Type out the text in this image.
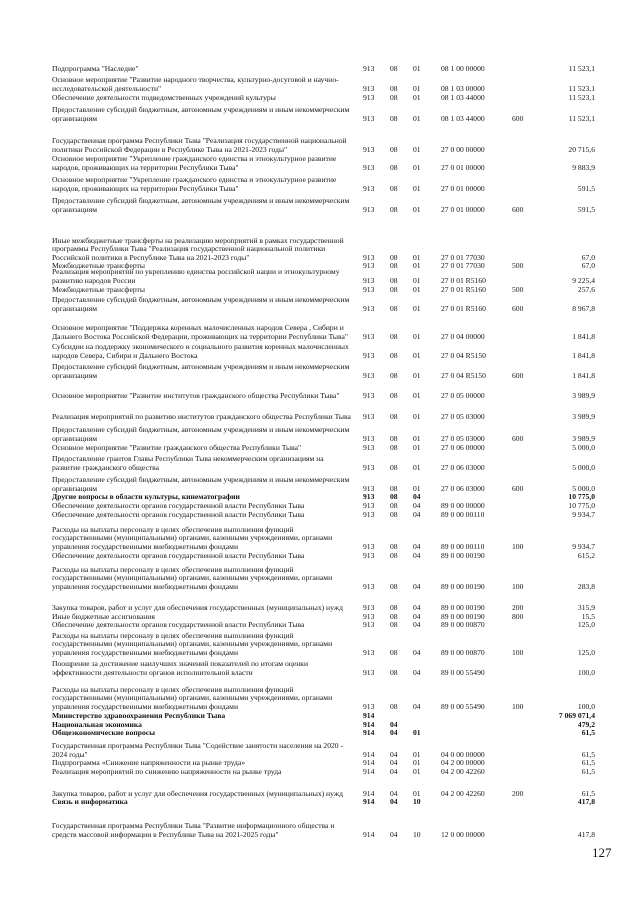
Подпрограмма "Наследие"	913 08 01	08 1 00 00000	11 523,1
Основное мероприятие "Развитие народного творчества, культурно-досуговой и научно-исследовательской деятельности"	913 08 01	08 1 03 00000	11 523,1
Обеспечение деятельности подведомственных учреждений культуры	913 08 01	08 1 03 44000	11 523,1
Предоставление субсидий бюджетным, автономным учреждениям и иным некоммерческим организациям	913 08 01	08 1 03 44000	600	11 523,1
Государственная программа Республики Тыва "Реализация государственной национальной политики Российской Федерации в Республике Тыва на 2021-2023 годы"	913 08 01	27 0 00 00000	20 715,6
Основное мероприятие "Укрепление гражданского единства и этнокультурное развитие народов, проживающих на территории Республики Тыва"	913 08 01	27 0 01 00000	9 883,9
Основное мероприятие "Укрепление гражданского единства и этнокультурное развитие народов, проживающих на территории Республики Тыва"	913 08 01	27 0 01 00000	591,5
Предоставление субсидий бюджетным, автономным учреждениям и иным некоммерческим организациям	913 08 01	27 0 01 00000	600	591,5
Иные межбюджетные трансферты на реализацию мероприятий в рамках государственной программы Республики Тыва "Реализация государственной национальной политики Российской политики в Республике Тыва на 2021-2023 годы"	913 08 01	27 0 01 77030	67,0
Межбюджетные трансферты	913 08 01	27 0 01 77030	500	67,0
Реализация мероприятий по укреплению единства российской нации и этнокультурному развитию народов России	913 08 01	27 0 01 R5160	9 225,4
Межбюджетные трансферты	913 08 01	27 0 01 R5160	500	257,6
Предоставление субсидий бюджетным, автономным учреждениям и иным некоммерческим организациям	913 08 01	27 0 01 R5160	600	8 967,8
Основное мероприятие "Поддержка коренных малочисленных народов Севера , Сибири и Дальнего Востока Российской Федерации, проживающих на территории Республики Тыва"	913 08 01	27 0 04 00000	1 841,8
Субсидии на поддержку экономического и социального развития коренных малочисленных народов Севера, Сибири и Дальнего Востока	913 08 01	27 0 04 R5150	1 841,8
Предоставление субсидий бюджетным, автономным учреждениям и иным некоммерческим организациям	913 08 01	27 0 04 R5150	600	1 841,8
Основное мероприятие "Развитие институтов гражданского общества Республики Тыва"	913 08 01	27 0 05 00000	3 989,9
Реализация мероприятий по развитию институтов гражданского общества Республики Тыва 913 08 01	27 0 05 03000	3 989,9
Предоставление субсидий бюджетным, автономным учреждениям и иным некоммерческим организациям	913 08 01	27 0 05 03000	600	3 989,9
Основное мероприятие "Развитие гражданского общества Республики Тыва"	913 08 01	27 0 06 00000	5 000,0
Предоставление грантов Главы Республики Тыва некоммерческим организациям на развитие гражданского общества	913 08 01	27 0 06 03000	5 000,0
Предоставление субсидий бюджетным, автономным учреждениям и иным некоммерческим организациям	913 08 01	27 0 06 03000	600	5 000,0
Другие вопросы в области культуры, кинематографии	913 08 04	10 775,0
Обеспечение деятельности органов государственной власти Республики Тыва	913 08 04	89 0 00 00000	10 775,0
Обеспечение деятельности органов государственной власти Республики Тыва	913 08 04	89 0 00 00110	9 934,7
Расходы на выплаты персоналу в целях обеспечения выполнения функций государственными (муниципальными) органами, казенными учреждениями, органами управления государственными внебюджетными фондами	913 08 04	89 0 00 00110	100	9 934,7
Обеспечение деятельности органов государственной власти Республики Тыва	913 08 04	89 0 00 00190	615,2
Расходы на выплаты персоналу в целях обеспечения выполнения функций государственными (муниципальными) органами, казенными учреждениями, органами управления государственными внебюджетными фондами	913 08 04	89 0 00 00190	100	283,8
Закупка товаров, работ и услуг для обеспечения государственных (муниципальных) нужд	913 08 04	89 0 00 00190	200	315,9
Иные бюджетные ассигнования	913 08 04	89 0 00 00190	800	15,5
Обеспечение деятельности органов государственной власти Республики Тыва	913 08 04	89 0 00 00870	125,0
Расходы на выплаты персоналу в целях обеспечения выполнения функций государственными (муниципальными) органами, казенными учреждениями, органами управления государственными внебюджетными фондами	913 08 04	89 0 00 00870	100	125,0
Поощрение за достижение наилучших значений показателей по итогам оценки эффективности деятельности органов исполнительной власти	913 08 04	89 0 00 55490	100,0
Расходы на выплаты персоналу в целях обеспечения выполнения функций государственными (муниципальными) органами, казенными учреждениями, органами управления государственными внебюджетными фондами	913 08 04	89 0 00 55490	100	100,0
Министерство здравоохранения Республики Тыва	914	7 069 071,4
Национальная экономика	914 04	479,2
Общеэкономические вопросы	914 04 01	61,5
Государственная программа Республики Тыва "Содействие занятости населения на 2020 - 2024 годы"	914 04 01	04 0 00 00000	61,5
Подпрограмма «Снижение напряженности на рынке труда»	914 04 01	04 2 00 00000	61,5
Реализация мероприятий по снижению напряженности на рынке труда	914 04 01	04 2 00 42260	61,5
Закупка товаров, работ и услуг для обеспечения государственных (муниципальных) нужд	914 04 01	04 2 00 42260	200	61,5
Связь и информатика	914 04 10	417,8
Государственная программа Республики Тыва "Развитие информационного общества и средств массовой информации в Республике Тыва на 2021-2025 годы"	914 04 10	12 0 00 00000	417,8
127
